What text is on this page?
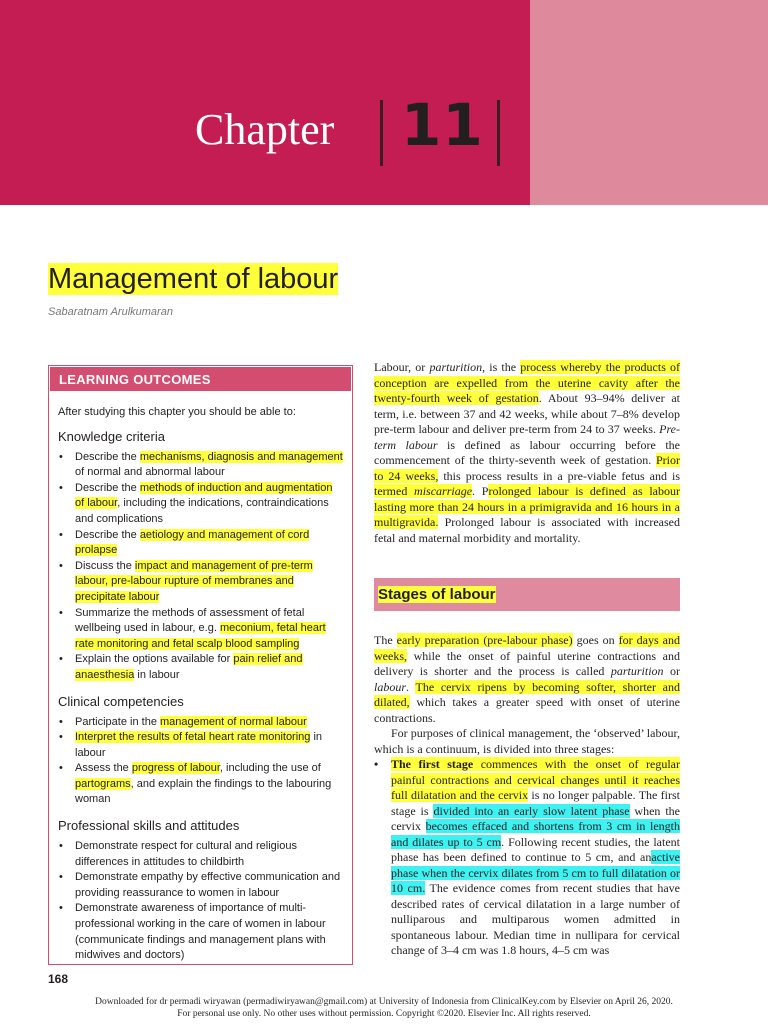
Chapter 11
Management of labour
Sabaratnam Arulkumaran
LEARNING OUTCOMES

After studying this chapter you should be able to:

Knowledge criteria
• Describe the mechanisms, diagnosis and management of normal and abnormal labour
• Describe the methods of induction and augmentation of labour, including the indications, contraindications and complications
• Describe the aetiology and management of cord prolapse
• Discuss the impact and management of pre-term labour, pre-labour rupture of membranes and precipitate labour
• Summarize the methods of assessment of fetal wellbeing used in labour, e.g. meconium, fetal heart rate monitoring and fetal scalp blood sampling
• Explain the options available for pain relief and anaesthesia in labour
Clinical competencies
• Participate in the management of normal labour
• Interpret the results of fetal heart rate monitoring in labour
• Assess the progress of labour, including the use of partograms, and explain the findings to the labouring woman
Professional skills and attitudes
• Demonstrate respect for cultural and religious differences in attitudes to childbirth
• Demonstrate empathy by effective communication and providing reassurance to women in labour
• Demonstrate awareness of importance of multi-professional working in the care of women in labour (communicate findings and management plans with midwives and doctors)

Labour, or parturition, is the process whereby the products of conception are expelled from the uterine cavity after the twenty-fourth week of gestation. About 93–94% deliver at term, i.e. between 37 and 42 weeks, while about 7–8% develop pre-term labour and deliver pre-term from 24 to 37 weeks. Pre-term labour is defined as labour occurring before the commencement of the thirty-seventh week of gestation. Prior to 24 weeks, this process results in a pre-viable fetus and is termed miscarriage. Prolonged labour is defined as labour lasting more than 24 hours in a primigravida and 16 hours in a multigravida. Prolonged labour is associated with increased fetal and maternal morbidity and mortality.

Stages of labour

The early preparation (pre-labour phase) goes on for days and weeks, while the onset of painful uterine contractions and delivery is shorter and the process is called parturition or labour. The cervix ripens by becoming softer, shorter and dilated, which takes a greater speed with onset of uterine contractions.

For purposes of clinical management, the ‘observed’ labour, which is a continuum, is divided into three stages:

• The first stage commences with the onset of regular painful contractions and cervical changes until it reaches full dilatation and the cervix is no longer palpable. The first stage is divided into an early slow latent phase when the cervix becomes effaced and shortens from 3 cm in length and dilates up to 5 cm. Following recent studies, the latent phase has been defined to continue to 5 cm, and anactive phase when the cervix dilates from 5 cm to full dilatation or 10 cm. The evidence comes from recent studies that have described rates of cervical dilatation in a large number of nulliparous and multiparous women admitted in spontaneous labour. Median time in nullipara for cervical change of 3–4 cm was 1.8 hours, 4–5 cm was

168
Downloaded for dr permadi wiryawan (permadiwiryawan@gmail.com) at University of Indonesia from ClinicalKey.com by Elsevier on April 26, 2020.
For personal use only. No other uses without permission. Copyright ©2020. Elsevier Inc. All rights reserved.
